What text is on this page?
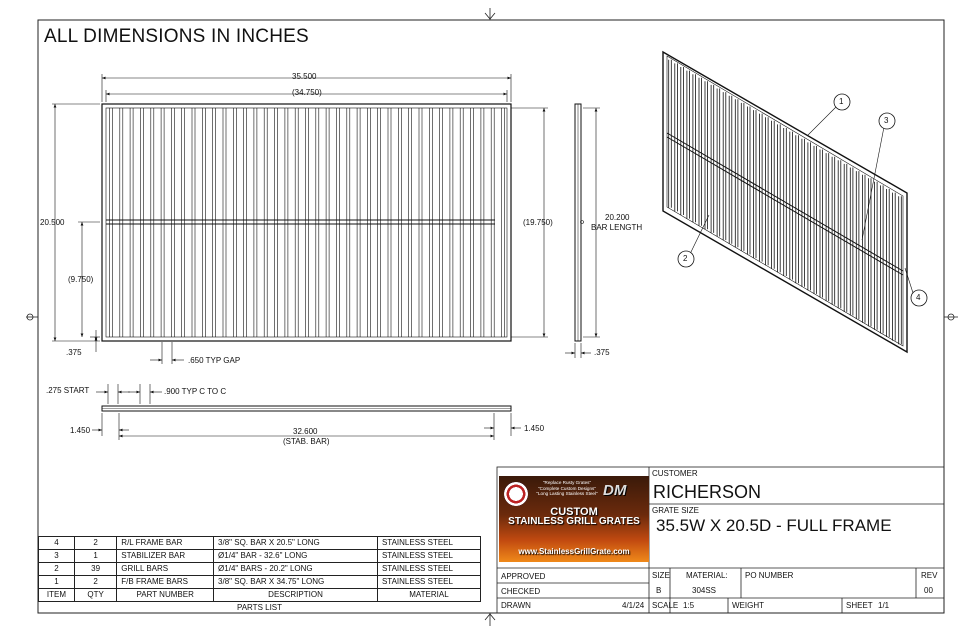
ALL DIMENSIONS IN INCHES
35.500
(34.750)
20.500
(9.750)
(19.750)
.375
.650 TYP GAP
20.200
BAR LENGTH
.375
.275 START	.900 TYP C TO C
1.450	1.450
32.600
(STAB. BAR)
1
2
3
4
4	2	R/L FRAME BAR	3/8" SQ. BAR X 20.5" LONG	STAINLESS STEEL
3	1	STABILIZER BAR	Ø1/4" BAR - 32.6" LONG	STAINLESS STEEL
2	39	GRILL BARS	Ø1/4" BARS - 20.2" LONG	STAINLESS STEEL
1	2	F/B FRAME BARS	3/8" SQ. BAR X 34.75" LONG	STAINLESS STEEL
ITEM	QTY	PART NUMBER	DESCRIPTION	MATERIAL
PARTS LIST				
"Replace Rusty Grates"
"Complete Custom Designs"
"Long Lasting Stainless Steel" DM
CUSTOM
STAINLESS GRILL GRATES
www.StainlessGrillGrate.com
CUSTOMER
RICHERSON
GRATE SIZE
35.5W X 20.5D - FULL FRAME
APPROVED
CHECKED
DRAWN	4/1/24
SIZE
B
MATERIAL:
304SS
PO NUMBER	REV
00
SCALE 1:5	WEIGHT	SHEET 1/1
